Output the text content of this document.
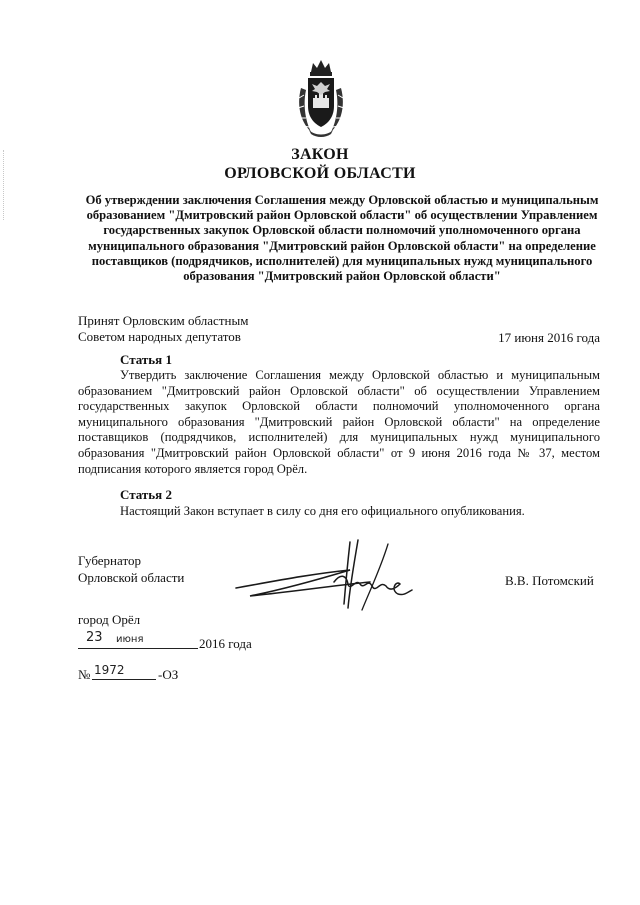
ЗАКОН
ОРЛОВСКОЙ ОБЛАСТИ
Об утверждении заключения Соглашения между Орловской областью и муниципальным образованием "Дмитровский район Орловской области" об осуществлении Управлением государственных закупок Орловской области полномочий уполномоченного органа муниципального образования "Дмитровский район Орловской области" на определение поставщиков (подрядчиков, исполнителей) для муниципальных нужд муниципального образования "Дмитровский район Орловской области"
Принят Орловским областным
Советом народных депутатов	17 июня 2016 года
Статья 1
Утвердить заключение Соглашения между Орловской областью и муниципальным образованием "Дмитровский район Орловской области" об осуществлении Управлением государственных закупок Орловской области полномочий уполномоченного органа муниципального образования "Дмитровский район Орловской области" на определение поставщиков (подрядчиков, исполнителей) для муниципальных нужд муниципального образования "Дмитровский район Орловской области" от 9 июня 2016 года № 37, местом подписания которого является город Орёл.
Статья 2
Настоящий Закон вступает в силу со дня его официального опубликования.
Губернатор
Орловской области	В.В. Потомский
город Орёл
23 июня	2016 года
№ 1972	-ОЗ
